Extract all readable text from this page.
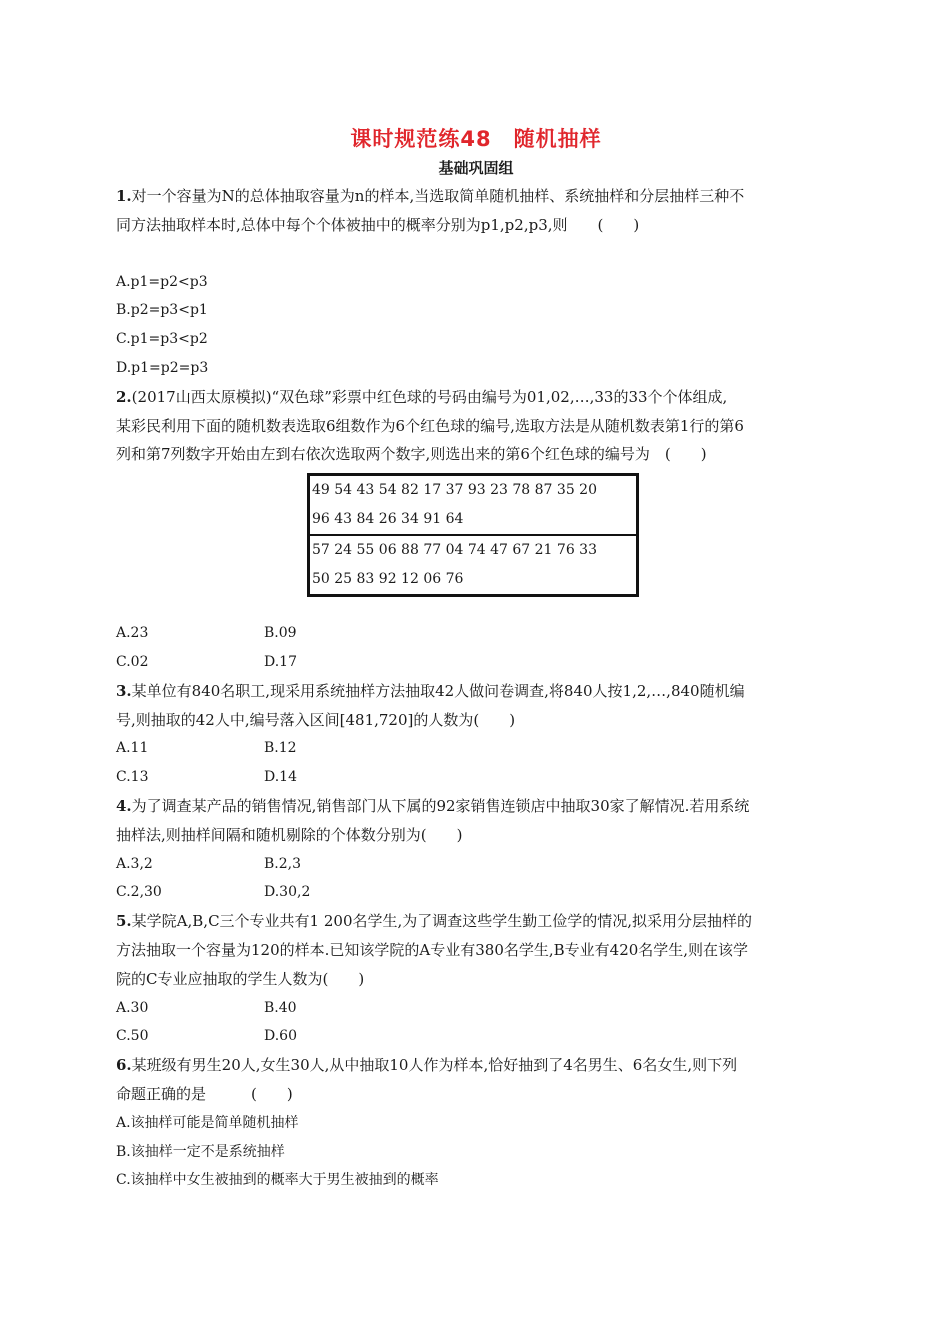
课时规范练48　随机抽样
基础巩固组
1.对一个容量为N的总体抽取容量为n的样本,当选取简单随机抽样、系统抽样和分层抽样三种不
同方法抽取样本时,总体中每个个体被抽中的概率分别为p1,p2,p3,则　　(　　)
A.p1=p2<p3
B.p2=p3<p1
C.p1=p3<p2
D.p1=p2=p3
2.(2017山西太原模拟)“双色球”彩票中红色球的号码由编号为01,02,…,33的33个个体组成,
某彩民利用下面的随机数表选取6组数作为6个红色球的编号,选取方法是从随机数表第1行的第6
列和第7列数字开始由左到右依次选取两个数字,则选出来的第6个红色球的编号为　(　　)
49 54 43 54 82 17 37 93 23 78 87 35 20
96 43 84 26 34 91 64
57 24 55 06 88 77 04 74 47 67 21 76 33
50 25 83 92 12 06 76
A.23	B.09
C.02	D.17
3.某单位有840名职工,现采用系统抽样方法抽取42人做问卷调查,将840人按1,2,…,840随机编
号,则抽取的42人中,编号落入区间[481,720]的人数为(　　)
A.11	B.12
C.13	D.14
4.为了调查某产品的销售情况,销售部门从下属的92家销售连锁店中抽取30家了解情况.若用系统
抽样法,则抽样间隔和随机剔除的个体数分别为(　　)
A.3,2	B.2,3
C.2,30	D.30,2
5.某学院A,B,C三个专业共有1 200名学生,为了调查这些学生勤工俭学的情况,拟采用分层抽样的
方法抽取一个容量为120的样本.已知该学院的A专业有380名学生,B专业有420名学生,则在该学
院的C专业应抽取的学生人数为(　　)
A.30	B.40
C.50	D.60
6.某班级有男生20人,女生30人,从中抽取10人作为样本,恰好抽到了4名男生、6名女生,则下列
命题正确的是　　　(　　)
A.该抽样可能是简单随机抽样
B.该抽样一定不是系统抽样
C.该抽样中女生被抽到的概率大于男生被抽到的概率
